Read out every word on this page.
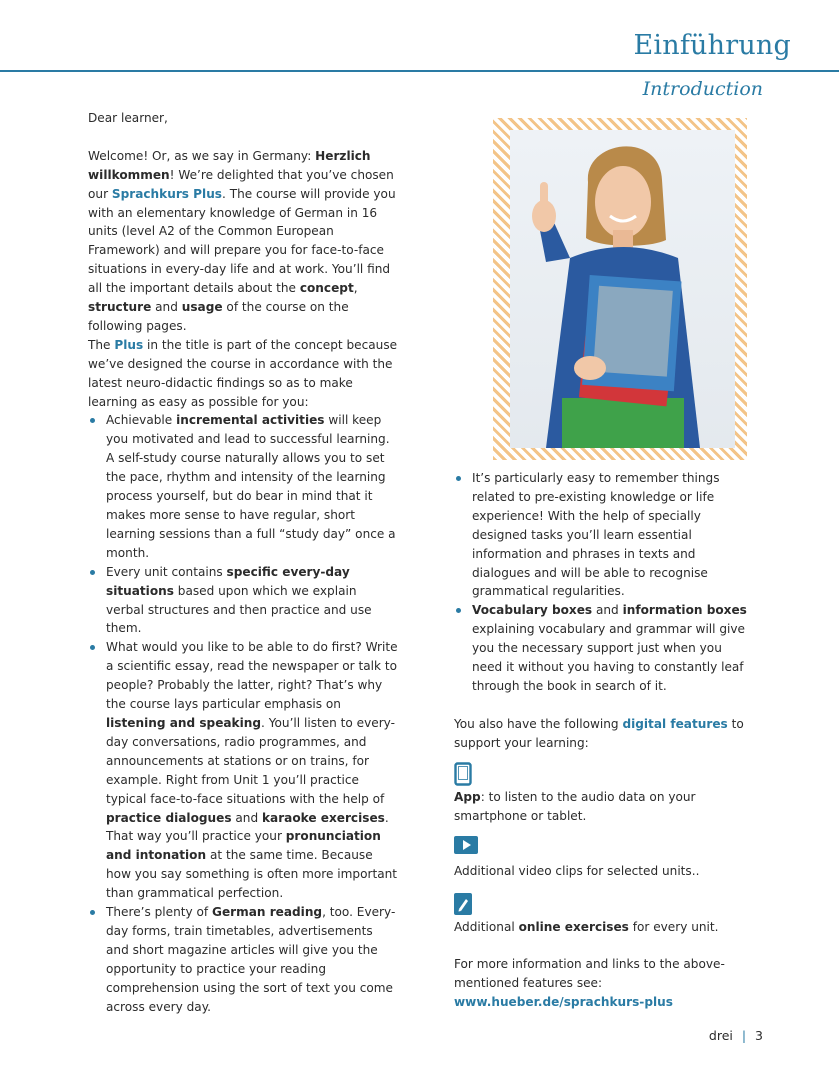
Einführung
Introduction

Dear learner,

Welcome! Or, as we say in Germany: Herzlich willkommen! We’re delighted that you’ve chosen our Sprachkurs Plus. The course will provide you with an elementary knowledge of German in 16 units (level A2 of the Common European Framework) and will prepare you for face-to-face situations in every-day life and at work. You’ll find all the important details about the concept, structure and usage of the course on the following pages.

The Plus in the title is part of the concept because we’ve designed the course in accordance with the latest neuro-didactic findings so as to make learning as easy as possible for you:

Achievable incremental activities will keep you motivated and lead to successful learning. A self-study course naturally allows you to set the pace, rhythm and intensity of the learning process yourself, but do bear in mind that it makes more sense to have regular, short learning sessions than a full “study day” once a month.
Every unit contains specific every-day situations based upon which we explain verbal structures and then practice and use them.
What would you like to be able to do first? Write a scientific essay, read the newspaper or talk to people? Probably the latter, right? That’s why the course lays particular emphasis on listening and speaking. You’ll listen to every-day conversations, radio programmes, and announcements at stations or on trains, for example. Right from Unit 1 you’ll practice typical face-to-face situations with the help of practice dialogues and karaoke exercises. That way you’ll practice your pronunciation and intonation at the same time. Because how you say something is often more important than grammatical perfection.
There’s plenty of German reading, too. Every-day forms, train timetables, advertisements and short magazine articles will give you the opportunity to practice your reading comprehension using the sort of text you come across every day.
It’s particularly easy to remember things related to pre-existing knowledge or life experience! With the help of specially designed tasks you’ll learn essential information and phrases in texts and dialogues and will be able to recognise grammatical regularities.
Vocabulary boxes and information boxes explaining vocabulary and grammar will give you the necessary support just when you need it without you having to constantly leaf through the book in search of it.

You also have the following digital features to support your learning:

App: to listen to the audio data on your smartphone or tablet.

Additional video clips for selected units..

Additional online exercises for every unit.

For more information and links to the above-mentioned features see:

www.hueber.de/sprachkurs-plus

drei | 3
